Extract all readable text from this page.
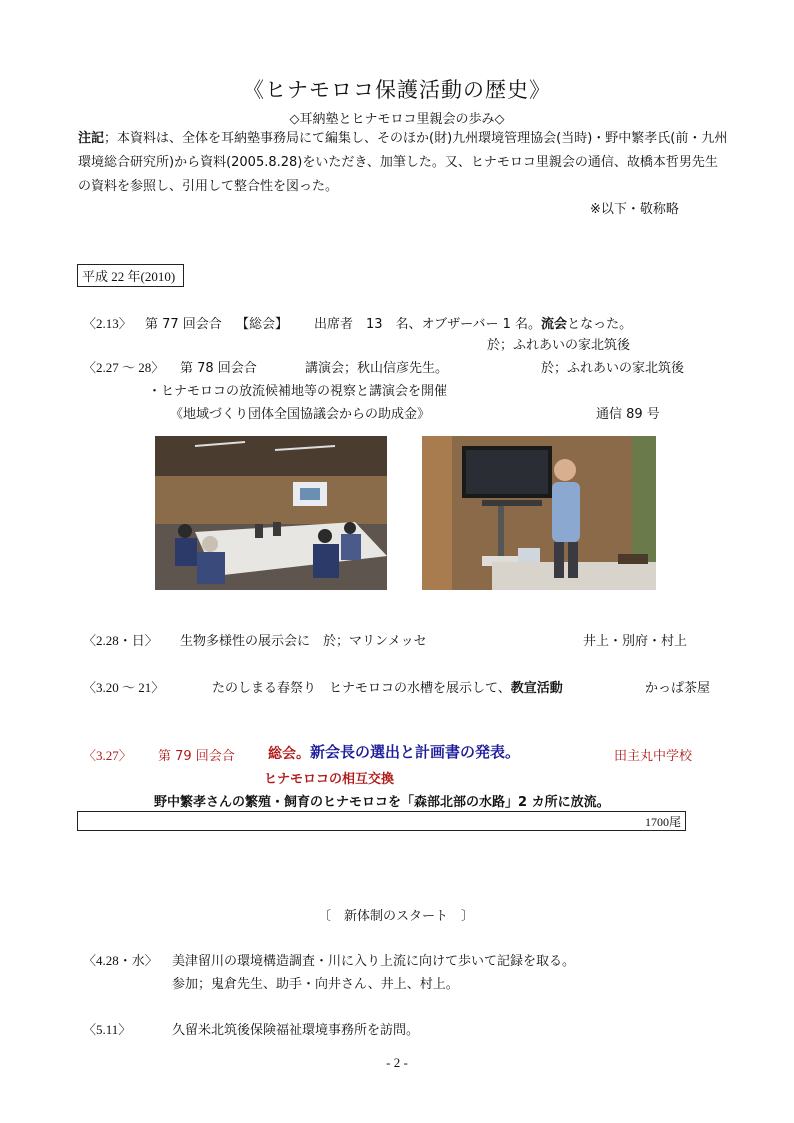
《ヒナモロコ保護活動の歴史》
◇耳納塾とヒナモロコ里親会の歩み◇
注記；本資料は、全体を耳納塾事務局にて編集し、そのほか(財)九州環境管理協会(当時)・野中繁孝氏(前・九州環境総合研究所)から資料(2005.8.28)をいただき、加筆した。又、ヒナモロコ里親会の通信、故橋本哲男先生の資料を参照し、引用して整合性を図った。
※以下・敬称略
平成 22 年(2010)
〈2.13〉 第 77 回会合 【総会】 出席者　13　名、オブザーバー 1 名。流会となった。
於；ふれあいの家北筑後
〈2.27 ～ 28〉 第 78 回会合	講演会；秋山信彦先生。	於；ふれあいの家北筑後
・ヒナモロコの放流候補地等の視察と講演会を開催
《地域づくり団体全国協議会からの助成金》	通信 89 号
〈2.28・日〉 生物多様性の展示会に　於；マリンメッセ	井上・別府・村上
〈3.20 ～ 21〉	たのしまる春祭り　ヒナモロコの水槽を展示して、教宣活動	かっぱ茶屋
〈3.27〉 第 79 回会合 総会。 新会長の選出と計画書の発表。	田主丸中学校
ヒナモロコの相互交換
野中繁孝さんの繁殖・飼育のヒナモロコを「森部北部の水路」2 カ所に放流。
1700尾
〔　新体制のスタート　〕
〈4.28・水〉 美津留川の環境構造調査・川に入り上流に向けて歩いて記録を取る。
参加；鬼倉先生、助手・向井さん、井上、村上。
〈5.11〉	久留米北筑後保険福祉環境事務所を訪問。
- 2 -
